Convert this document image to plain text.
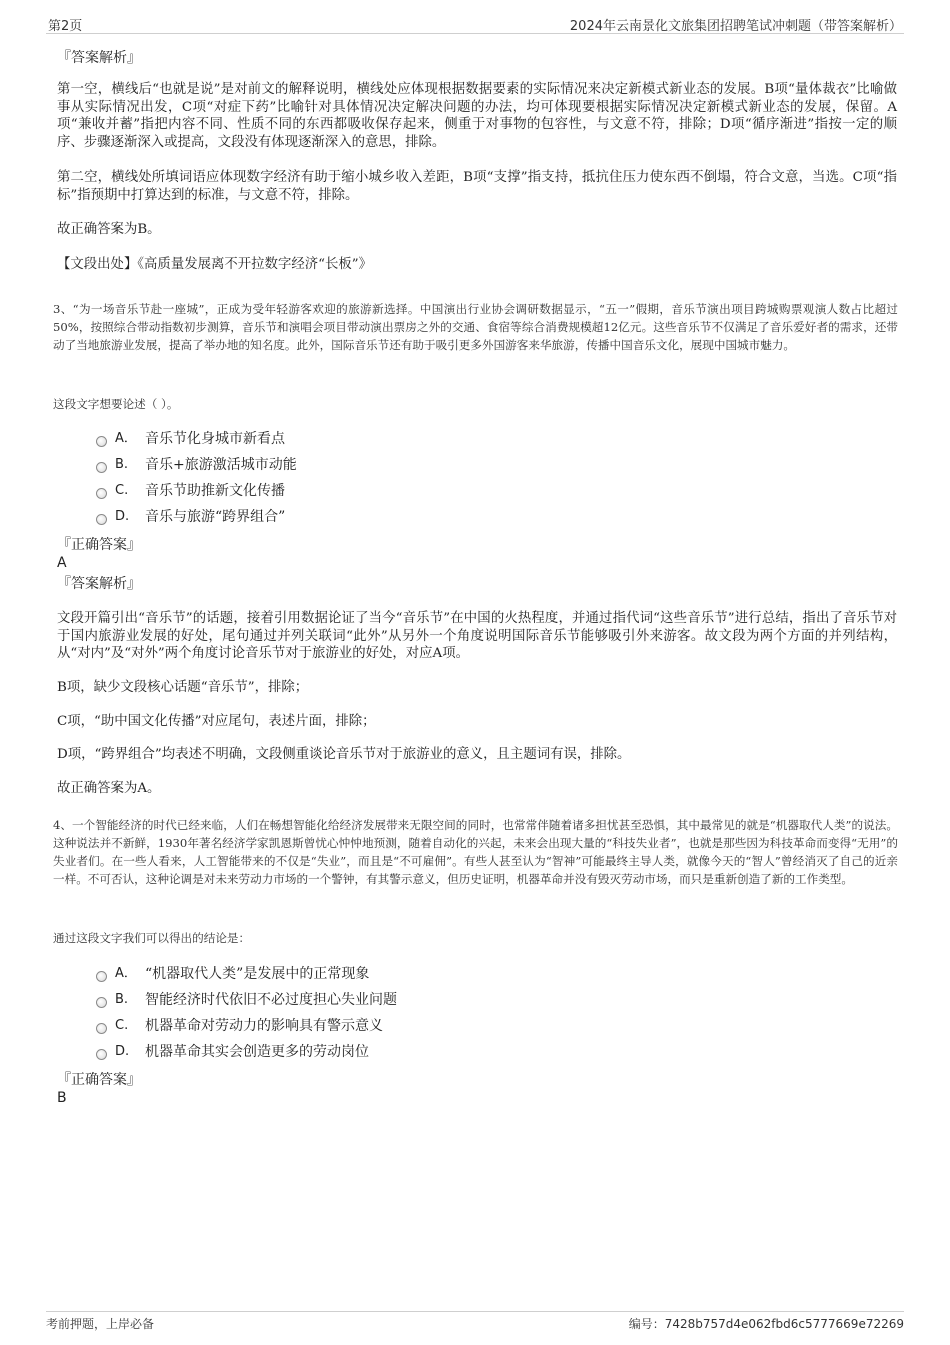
第2页	2024年云南景化文旅集团招聘笔试冲刺题（带答案解析）
『答案解析』
第一空，横线后“也就是说”是对前文的解释说明，横线处应体现根据数据要素的实际情况来决定新模式新业态的发展。B项“量体裁衣”比喻做事从实际情况出发，C项“对症下药”比喻针对具体情况决定解决问题的办法，均可体现要根据实际情况决定新模式新业态的发展，保留。A项“兼收并蓄”指把内容不同、性质不同的东西都吸收保存起来，侧重于对事物的包容性，与文意不符，排除；D项“循序渐进”指按一定的顺序、步骤逐渐深入或提高，文段没有体现逐渐深入的意思，排除。
第二空，横线处所填词语应体现数字经济有助于缩小城乡收入差距，B项“支撑”指支持，抵抗住压力使东西不倒塌，符合文意，当选。C项“指标”指预期中打算达到的标准，与文意不符，排除。
故正确答案为B。
【文段出处】《高质量发展离不开拉数字经济“长板”》
3、“为一场音乐节赴一座城”，正成为受年轻游客欢迎的旅游新选择。中国演出行业协会调研数据显示，“五一”假期，音乐节演出项目跨城购票观演人数占比超过50%，按照综合带动指数初步测算，音乐节和演唱会项目带动演出票房之外的交通、食宿等综合消费规模超12亿元。这些音乐节不仅满足了音乐爱好者的需求，还带动了当地旅游业发展，提高了举办地的知名度。此外，国际音乐节还有助于吸引更多外国游客来华旅游，传播中国音乐文化，展现中国城市魅力。
这段文字想要论述（ ）。
A． 音乐节化身城市新看点
B.	音乐+旅游激活城市动能
C.	音乐节助推新文化传播
D.	音乐与旅游“跨界组合”
『正确答案』
A
『答案解析』
文段开篇引出“音乐节”的话题，接着引用数据论证了当今“音乐节”在中国的火热程度，并通过指代词“这些音乐节”进行总结，指出了音乐节对于国内旅游业发展的好处，尾句通过并列关联词“此外”从另外一个角度说明国际音乐节能够吸引外来游客。故文段为两个方面的并列结构，从“对内”及“对外”两个角度讨论音乐节对于旅游业的好处，对应A项。
B项，缺少文段核心话题“音乐节”，排除；
C项，“助中国文化传播”对应尾句，表述片面，排除；
D项，“跨界组合”均表述不明确，文段侧重谈论音乐节对于旅游业的意义，且主题词有误，排除。
故正确答案为A。
4、一个智能经济的时代已经来临，人们在畅想智能化给经济发展带来无限空间的同时，也常常伴随着诸多担忧甚至恐惧，其中最常见的就是“机器取代人类”的说法。这种说法并不新鲜，1930年著名经济学家凯恩斯曾忧心忡忡地预测，随着自动化的兴起，未来会出现大量的“科技失业者”，也就是那些因为科技革命而变得“无用”的失业者们。在一些人看来，人工智能带来的不仅是“失业”，而且是“不可雇佣”。有些人甚至认为“智神”可能最终主导人类，就像今天的“智人”曾经消灭了自己的近亲一样。不可否认，这种论调是对未来劳动力市场的一个警钟，有其警示意义，但历史证明，机器革命并没有毁灭劳动市场，而只是重新创造了新的工作类型。
通过这段文字我们可以得出的结论是：
A． “机器取代人类”是发展中的正常现象
B.	智能经济时代依旧不必过度担心失业问题
C.	机器革命对劳动力的影响具有警示意义
D.	机器革命其实会创造更多的劳动岗位
『正确答案』
B
考前押题，上岸必备	编号：7428b757d4e062fbd6c5777669e72269
